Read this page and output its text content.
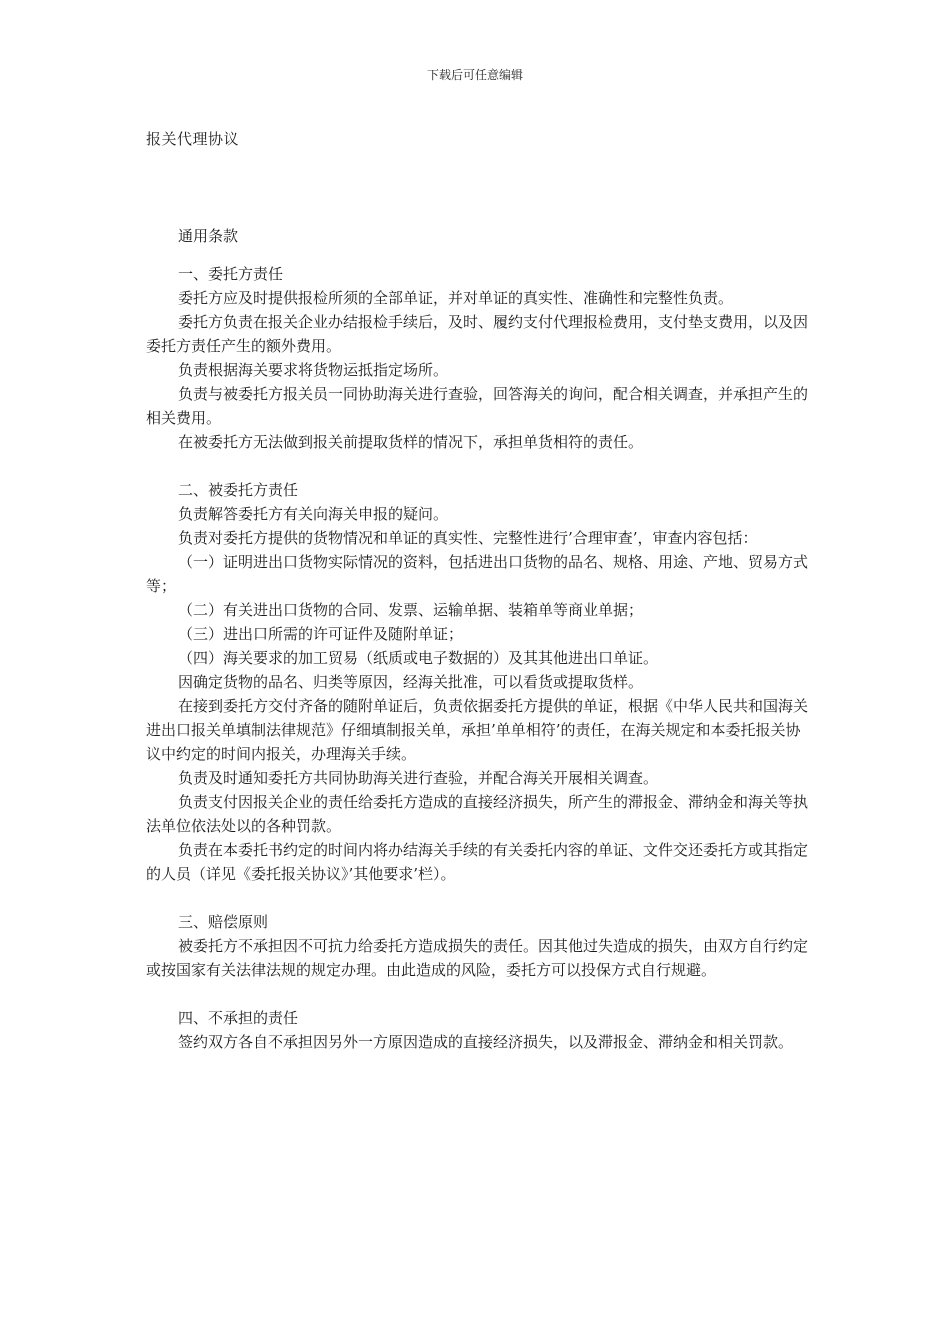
下载后可任意编辑
报关代理协议

通用条款

一、委托方责任

委托方应及时提供报检所须的全部单证，并对单证的真实性、准确性和完整性负责。

委托方负责在报关企业办结报检手续后，及时、履约支付代理报检费用，支付垫支费用，以及因委托方责任产生的额外费用。

负责根据海关要求将货物运抵指定场所。

负责与被委托方报关员一同协助海关进行查验，回答海关的询问，配合相关调查，并承担产生的相关费用。

在被委托方无法做到报关前提取货样的情况下，承担单货相符的责任。

二、被委托方责任

负责解答委托方有关向海关申报的疑问。

负责对委托方提供的货物情况和单证的真实性、完整性进行’合理审查’，审查内容包括：

（一）证明进出口货物实际情况的资料，包括进出口货物的品名、规格、用途、产地、贸易方式等；

（二）有关进出口货物的合同、发票、运输单据、装箱单等商业单据；

（三）进出口所需的许可证件及随附单证；

（四）海关要求的加工贸易（纸质或电子数据的）及其其他进出口单证。

因确定货物的品名、归类等原因，经海关批准，可以看货或提取货样。

在接到委托方交付齐备的随附单证后，负责依据委托方提供的单证，根据《中华人民共和国海关进出口报关单填制法律规范》仔细填制报关单，承担’单单相符’的责任，在海关规定和本委托报关协议中约定的时间内报关，办理海关手续。

负责及时通知委托方共同协助海关进行查验，并配合海关开展相关调查。

负责支付因报关企业的责任给委托方造成的直接经济损失，所产生的滞报金、滞纳金和海关等执法单位依法处以的各种罚款。

负责在本委托书约定的时间内将办结海关手续的有关委托内容的单证、文件交还委托方或其指定的人员（详见《委托报关协议》’其他要求’栏）。

三、赔偿原则

被委托方不承担因不可抗力给委托方造成损失的责任。因其他过失造成的损失，由双方自行约定或按国家有关法律法规的规定办理。由此造成的风险，委托方可以投保方式自行规避。

四、不承担的责任

签约双方各自不承担因另外一方原因造成的直接经济损失，以及滞报金、滞纳金和相关罚款。
